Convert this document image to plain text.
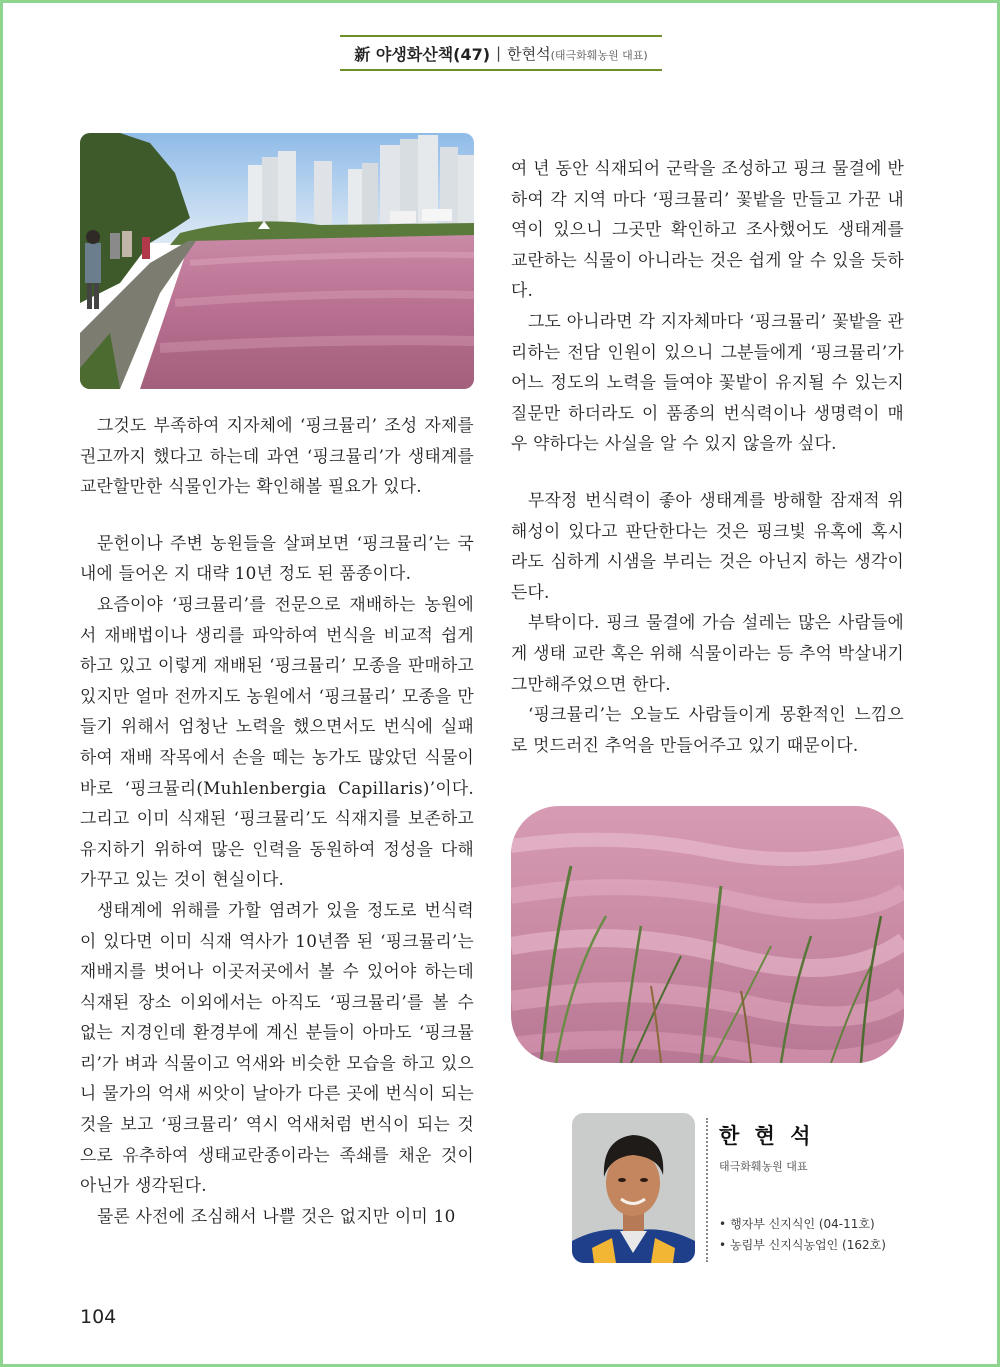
新 야생화산책(47) | 한현석(태극화훼농원 대표)

그것도 부족하여 지자체에 ‘핑크뮬리’ 조성 자제를 권고까지 했다고 하는데 과연 ‘핑크뮬리’가 생태계를 교란할만한 식물인가는 확인해볼 필요가 있다.

문헌이나 주변 농원들을 살펴보면 ‘핑크뮬리’는 국내에 들어온 지 대략 10년 정도 된 품종이다.

요즘이야 ‘핑크뮬리’를 전문으로 재배하는 농원에서 재배법이나 생리를 파악하여 번식을 비교적 쉽게 하고 있고 이렇게 재배된 ‘핑크뮬리’ 모종을 판매하고 있지만 얼마 전까지도 농원에서 ‘핑크뮬리’ 모종을 만들기 위해서 엄청난 노력을 했으면서도 번식에 실패하여 재배 작목에서 손을 떼는 농가도 많았던 식물이 바로 ‘핑크뮬리(Muhlenbergia Capillaris)’이다. 그리고 이미 식재된 ‘핑크뮬리’도 식재지를 보존하고 유지하기 위하여 많은 인력을 동원하여 정성을 다해 가꾸고 있는 것이 현실이다.

생태계에 위해를 가할 염려가 있을 정도로 번식력이 있다면 이미 식재 역사가 10년쯤 된 ‘핑크뮬리’는 재배지를 벗어나 이곳저곳에서 볼 수 있어야 하는데 식재된 장소 이외에서는 아직도 ‘핑크뮬리’를 볼 수 없는 지경인데 환경부에 계신 분들이 아마도 ‘핑크뮬리’가 벼과 식물이고 억새와 비슷한 모습을 하고 있으니 물가의 억새 씨앗이 날아가 다른 곳에 번식이 되는 것을 보고 ‘핑크뮬리’ 역시 억새처럼 번식이 되는 것으로 유추하여 생태교란종이라는 족쇄를 채운 것이 아닌가 생각된다.

물론 사전에 조심해서 나쁠 것은 없지만 이미 10

여 년 동안 식재되어 군락을 조성하고 핑크 물결에 반하여 각 지역 마다 ‘핑크뮬리’ 꽃밭을 만들고 가꾼 내역이 있으니 그곳만 확인하고 조사했어도 생태계를 교란하는 식물이 아니라는 것은 쉽게 알 수 있을 듯하다.

그도 아니라면 각 지자체마다 ‘핑크뮬리’ 꽃밭을 관리하는 전담 인원이 있으니 그분들에게 ‘핑크뮬리’가 어느 정도의 노력을 들여야 꽃밭이 유지될 수 있는지 질문만 하더라도 이 품종의 번식력이나 생명력이 매우 약하다는 사실을 알 수 있지 않을까 싶다.

무작정 번식력이 좋아 생태계를 방해할 잠재적 위해성이 있다고 판단한다는 것은 핑크빛 유혹에 혹시라도 심하게 시샘을 부리는 것은 아닌지 하는 생각이 든다.

부탁이다. 핑크 물결에 가슴 설레는 많은 사람들에게 생태 교란 혹은 위해 식물이라는 등 추억 박살내기 그만해주었으면 한다.

‘핑크뮬리’는 오늘도 사람들이게 몽환적인 느낌으로 멋드러진 추억을 만들어주고 있기 때문이다.

한 현 석
태극화훼농원 대표
• 행자부 신지식인 (04-11호)
• 농림부 신지식농업인 (162호)
104
